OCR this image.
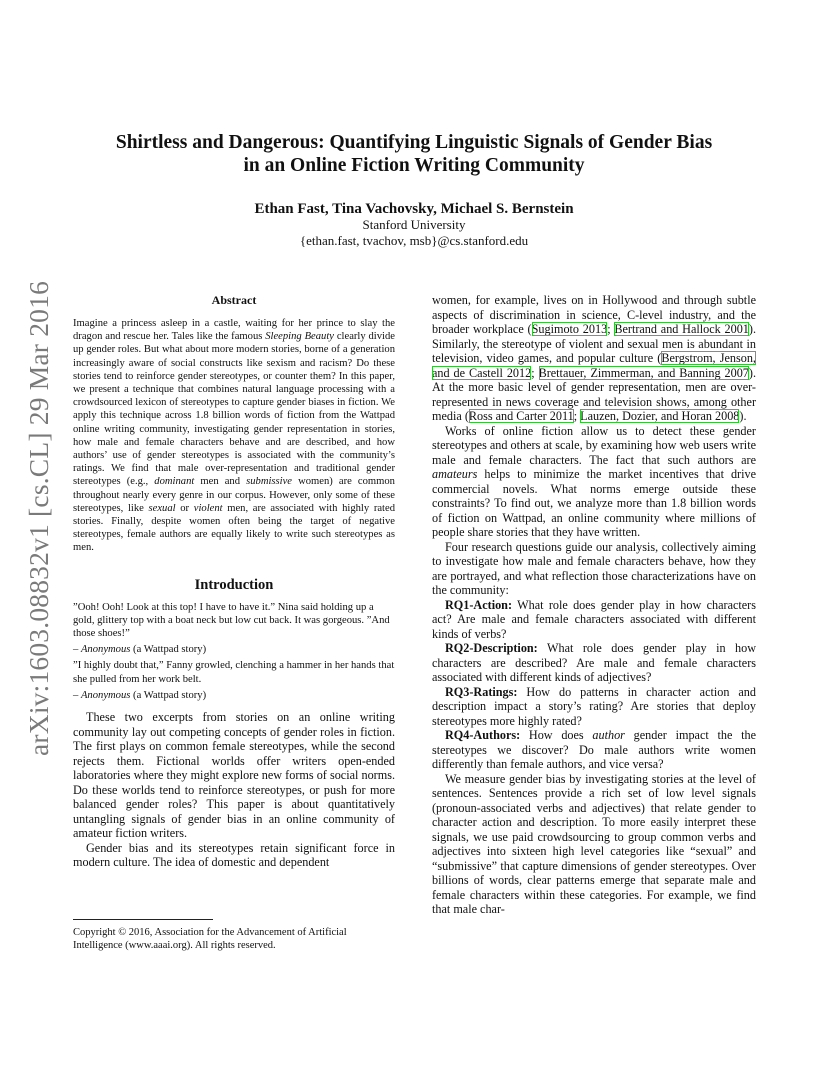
arXiv:1603.08832v1 [cs.CL] 29 Mar 2016
Shirtless and Dangerous: Quantifying Linguistic Signals of Gender Bias
in an Online Fiction Writing Community
Ethan Fast, Tina Vachovsky, Michael S. Bernstein
Stanford University
{ethan.fast, tvachov, msb}@cs.stanford.edu
Abstract

Imagine a princess asleep in a castle, waiting for her prince to slay the dragon and rescue her. Tales like the famous Sleeping Beauty clearly divide up gender roles. But what about more modern stories, borne of a generation increasingly aware of social constructs like sexism and racism? Do these stories tend to reinforce gender stereotypes, or counter them? In this paper, we present a technique that combines natural language processing with a crowdsourced lexicon of stereotypes to capture gender biases in fiction. We apply this technique across 1.8 billion words of fiction from the Wattpad online writing community, investigating gender representation in stories, how male and female characters behave and are described, and how authors’ use of gender stereotypes is associated with the community’s ratings. We find that male over-representation and traditional gender stereotypes (e.g., dominant men and submissive women) are common throughout nearly every genre in our corpus. However, only some of these stereotypes, like sexual or violent men, are associated with highly rated stories. Finally, despite women often being the target of negative stereotypes, female authors are equally likely to write such stereotypes as men.

Introduction

”Ooh! Ooh! Look at this top! I have to have it.” Nina said holding up a gold, glittery top with a boat neck but low cut back. It was gorgeous. ”And those shoes!”

– Anonymous (a Wattpad story)

”I highly doubt that,” Fanny growled, clenching a hammer in her hands that she pulled from her work belt.

– Anonymous (a Wattpad story)

These two excerpts from stories on an online writing community lay out competing concepts of gender roles in fiction. The first plays on common female stereotypes, while the second rejects them. Fictional worlds offer writers open-ended laboratories where they might explore new forms of social norms. Do these worlds tend to reinforce stereotypes, or push for more balanced gender roles? This paper is about quantitatively untangling signals of gender bias in an online community of amateur fiction writers.

Gender bias and its stereotypes retain significant force in modern culture. The idea of domestic and dependent

Copyright © 2016, Association for the Advancement of Artificial Intelligence (www.aaai.org). All rights reserved.

women, for example, lives on in Hollywood and through subtle aspects of discrimination in science, C-level industry, and the broader workplace (Sugimoto 2013; Bertrand and Hallock 2001). Similarly, the stereotype of violent and sexual men is abundant in television, video games, and popular culture (Bergstrom, Jenson, and de Castell 2012; Brettauer, Zimmerman, and Banning 2007). At the more basic level of gender representation, men are over-represented in news coverage and television shows, among other media (Ross and Carter 2011; Lauzen, Dozier, and Horan 2008).

Works of online fiction allow us to detect these gender stereotypes and others at scale, by examining how web users write male and female characters. The fact that such authors are amateurs helps to minimize the market incentives that drive commercial novels. What norms emerge outside these constraints? To find out, we analyze more than 1.8 billion words of fiction on Wattpad, an online community where millions of people share stories that they have written.

Four research questions guide our analysis, collectively aiming to investigate how male and female characters behave, how they are portrayed, and what reflection those characterizations have on the community:

RQ1-Action: What role does gender play in how characters act? Are male and female characters associated with different kinds of verbs?

RQ2-Description: What role does gender play in how characters are described? Are male and female characters associated with different kinds of adjectives?

RQ3-Ratings: How do patterns in character action and description impact a story’s rating? Are stories that deploy stereotypes more highly rated?

RQ4-Authors: How does author gender impact the the stereotypes we discover? Do male authors write women differently than female authors, and vice versa?

We measure gender bias by investigating stories at the level of sentences. Sentences provide a rich set of low level signals (pronoun-associated verbs and adjectives) that relate gender to character action and description. To more easily interpret these signals, we use paid crowdsourcing to group common verbs and adjectives into sixteen high level categories like “sexual” and “submissive” that capture dimensions of gender stereotypes. Over billions of words, clear patterns emerge that separate male and female characters within these categories. For example, we find that male char-
